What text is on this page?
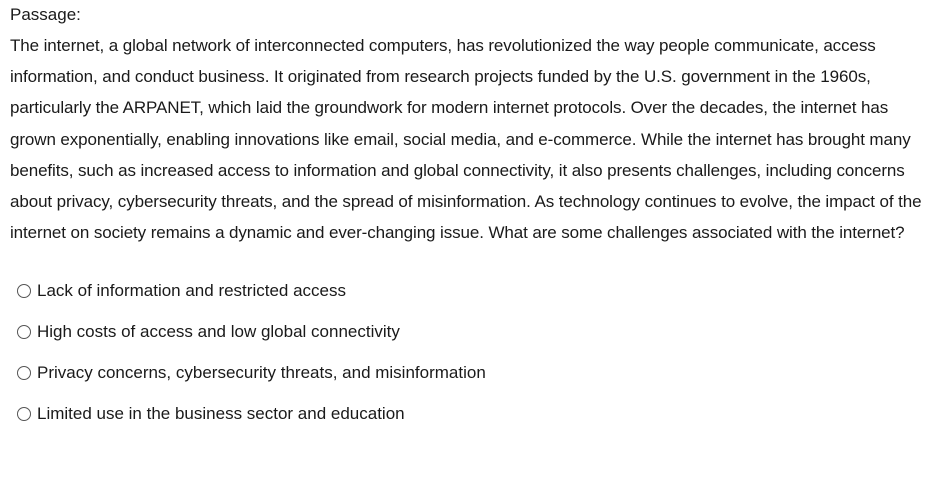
Passage:

The internet, a global network of interconnected computers, has revolutionized the way people communicate, access information, and conduct business. It originated from research projects funded by the U.S. government in the 1960s, particularly the ARPANET, which laid the groundwork for modern internet protocols. Over the decades, the internet has grown exponentially, enabling innovations like email, social media, and e-commerce. While the internet has brought many benefits, such as increased access to information and global connectivity, it also presents challenges, including concerns about privacy, cybersecurity threats, and the spread of misinformation. As technology continues to evolve, the impact of the internet on society remains a dynamic and ever-changing issue. What are some challenges associated with the internet?

Lack of information and restricted access
High costs of access and low global connectivity
Privacy concerns, cybersecurity threats, and misinformation
Limited use in the business sector and education
